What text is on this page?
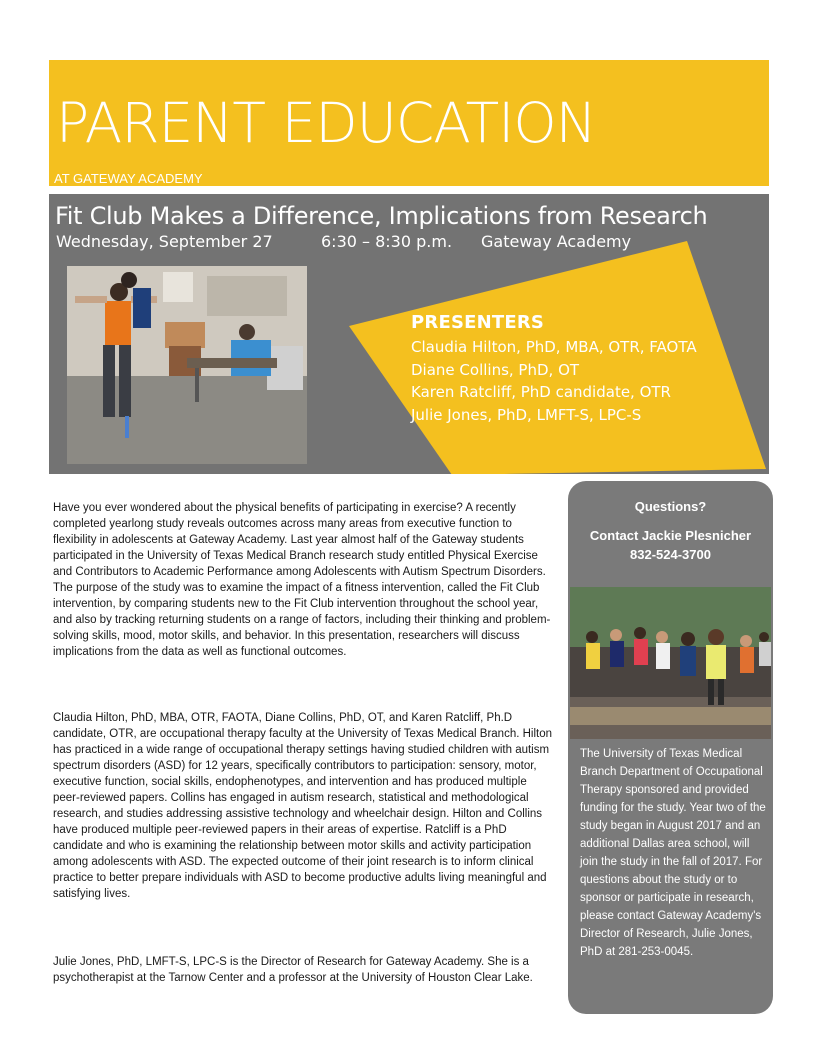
PARENT EDUCATION
AT GATEWAY ACADEMY
Fit Club Makes a Difference, Implications from Research
Wednesday, September 27	6:30 – 8:30 p.m. Gateway Academy
PRESENTERS
Claudia Hilton, PhD, MBA, OTR, FAOTA
Diane Collins, PhD, OT
Karen Ratcliff, PhD candidate, OTR
Julie Jones, PhD, LMFT-S, LPC-S

Have you ever wondered about the physical benefits of participating in exercise? A recently completed yearlong study reveals outcomes across many areas from executive function to flexibility in adolescents at Gateway Academy. Last year almost half of the Gateway students participated in the University of Texas Medical Branch research study entitled Physical Exercise and Contributors to Academic Performance among Adolescents with Autism Spectrum Disorders. The purpose of the study was to examine the impact of a fitness intervention, called the Fit Club intervention, by comparing students new to the Fit Club intervention throughout the school year, and also by tracking returning students on a range of factors, including their thinking and problem-solving skills, mood, motor skills, and behavior. In this presentation, researchers will discuss implications from the data as well as functional outcomes.

Claudia Hilton, PhD, MBA, OTR, FAOTA, Diane Collins, PhD, OT, and Karen Ratcliff, Ph.D candidate, OTR, are occupational therapy faculty at the University of Texas Medical Branch. Hilton has practiced in a wide range of occupational therapy settings having studied children with autism spectrum disorders (ASD) for 12 years, specifically contributors to participation: sensory, motor, executive function, social skills, endophenotypes, and intervention and has produced multiple peer-reviewed papers. Collins has engaged in autism research, statistical and methodological research, and studies addressing assistive technology and wheelchair design. Hilton and Collins have produced multiple peer-reviewed papers in their areas of expertise. Ratcliff is a PhD candidate and who is examining the relationship between motor skills and activity participation among adolescents with ASD. The expected outcome of their joint research is to inform clinical practice to better prepare individuals with ASD to become productive adults living meaningful and satisfying lives.

Julie Jones, PhD, LMFT-S, LPC-S is the Director of Research for Gateway Academy. She is a psychotherapist at the Tarnow Center and a professor at the University of Houston Clear Lake.

Questions?
Contact Jackie Plesnicher
832-524-3700
The University of Texas Medical Branch Department of Occupational Therapy sponsored and provided funding for the study. Year two of the study began in August 2017 and an additional Dallas area school, will join the study in the fall of 2017. For questions about the study or to sponsor or participate in research, please contact Gateway Academy's Director of Research, Julie Jones, PhD at 281-253-0045.
